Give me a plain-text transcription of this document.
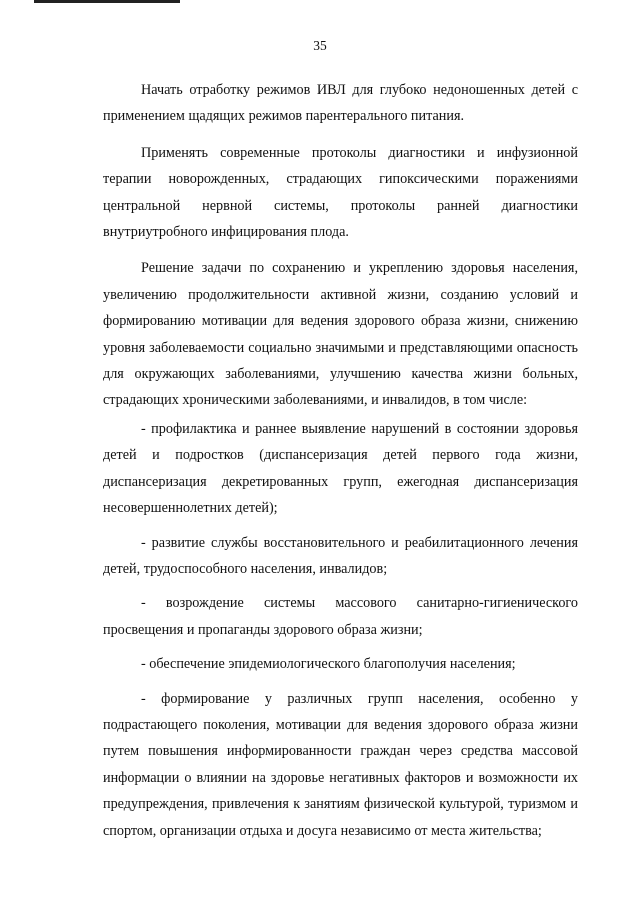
35

Начать отработку режимов ИВЛ для глубоко недоношенных детей с применением щадящих режимов парентерального питания.

Применять современные протоколы диагностики и инфузионной терапии новорожденных, страдающих гипоксическими поражениями центральной нервной системы, протоколы ранней диагностики внутриутробного инфицирования плода.

Решение задачи по сохранению и укреплению здоровья населения, увеличению продолжительности активной жизни, созданию условий и формированию мотивации для ведения здорового образа жизни, снижению уровня заболеваемости социально значимыми и представляющими опасность для окружающих заболеваниями, улучшению качества жизни больных, страдающих хроническими заболеваниями, и инвалидов, в том числе:

- профилактика и раннее выявление нарушений в состоянии здоровья детей и подростков (диспансеризация детей первого года жизни, диспансеризация декретированных групп, ежегодная диспансеризация несовершеннолетних детей);

- развитие службы восстановительного и реабилитационного лечения детей, трудоспособного населения, инвалидов;

- возрождение системы массового санитарно-гигиенического просвещения и пропаганды здорового образа жизни;

- обеспечение эпидемиологического благополучия населения;

- формирование у различных групп населения, особенно у подрастающего поколения, мотивации для ведения здорового образа жизни путем повышения информированности граждан через средства массовой информации о влиянии на здоровье негативных факторов и возможности их предупреждения, привлечения к занятиям физической культурой, туризмом и спортом, организации отдыха и досуга независимо от места жительства;
